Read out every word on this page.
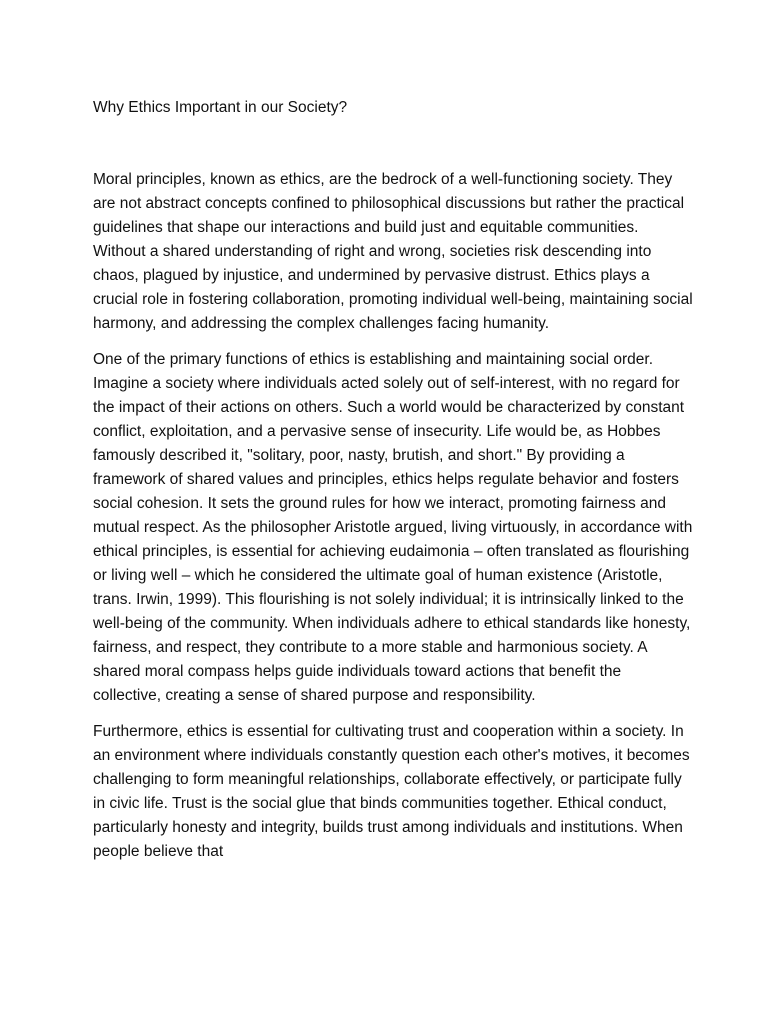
Why Ethics Important in our Society?

Moral principles, known as ethics, are the bedrock of a well-functioning society. They are not abstract concepts confined to philosophical discussions but rather the practical guidelines that shape our interactions and build just and equitable communities. Without a shared understanding of right and wrong, societies risk descending into chaos, plagued by injustice, and undermined by pervasive distrust. Ethics plays a crucial role in fostering collaboration, promoting individual well-being, maintaining social harmony, and addressing the complex challenges facing humanity.

One of the primary functions of ethics is establishing and maintaining social order. Imagine a society where individuals acted solely out of self-interest, with no regard for the impact of their actions on others. Such a world would be characterized by constant conflict, exploitation, and a pervasive sense of insecurity. Life would be, as Hobbes famously described it, "solitary, poor, nasty, brutish, and short." By providing a framework of shared values and principles, ethics helps regulate behavior and fosters social cohesion. It sets the ground rules for how we interact, promoting fairness and mutual respect. As the philosopher Aristotle argued, living virtuously, in accordance with ethical principles, is essential for achieving eudaimonia – often translated as flourishing or living well – which he considered the ultimate goal of human existence (Aristotle, trans. Irwin, 1999). This flourishing is not solely individual; it is intrinsically linked to the well-being of the community. When individuals adhere to ethical standards like honesty, fairness, and respect, they contribute to a more stable and harmonious society. A shared moral compass helps guide individuals toward actions that benefit the collective, creating a sense of shared purpose and responsibility.

Furthermore, ethics is essential for cultivating trust and cooperation within a society. In an environment where individuals constantly question each other's motives, it becomes challenging to form meaningful relationships, collaborate effectively, or participate fully in civic life. Trust is the social glue that binds communities together. Ethical conduct, particularly honesty and integrity, builds trust among individuals and institutions. When people believe that
